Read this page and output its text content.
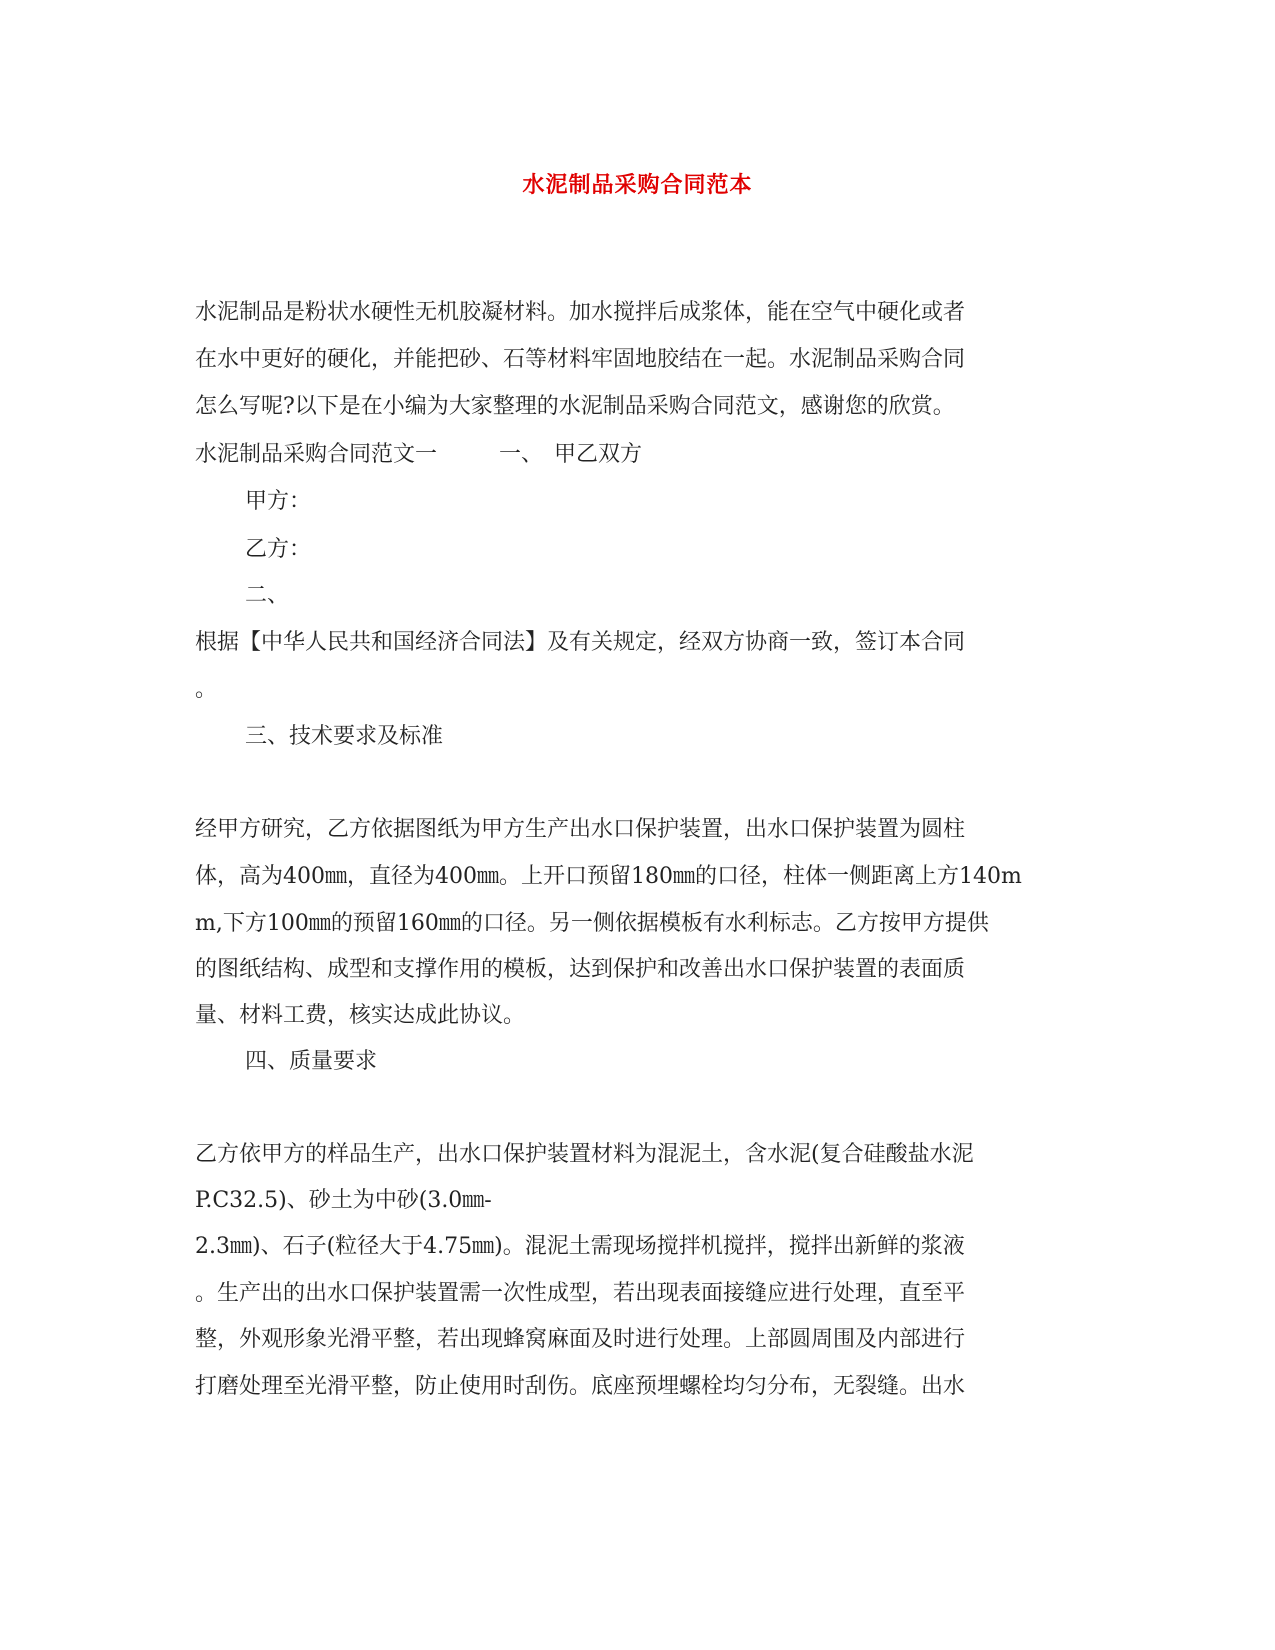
水泥制品采购合同范本
水泥制品是粉状水硬性无机胶凝材料。加水搅拌后成浆体，能在空气中硬化或者
在水中更好的硬化，并能把砂、石等材料牢固地胶结在一起。水泥制品采购合同
怎么写呢?以下是在小编为大家整理的水泥制品采购合同范文，感谢您的欣赏。
水泥制品采购合同范文一	一、　甲乙双方
甲方：
乙方：
二、
根据【中华人民共和国经济合同法】及有关规定，经双方协商一致，签订本合同
。
三、技术要求及标准
经甲方研究，乙方依据图纸为甲方生产出水口保护装置，出水口保护装置为圆柱
体，高为400㎜，直径为400㎜。上开口预留180㎜的口径，柱体一侧距离上方140m
m,下方100㎜的预留160㎜的口径。另一侧依据模板有水利标志。乙方按甲方提供
的图纸结构、成型和支撑作用的模板，达到保护和改善出水口保护装置的表面质
量、材料工费，核实达成此协议。
四、质量要求
乙方依甲方的样品生产，出水口保护装置材料为混泥土，含水泥(复合硅酸盐水泥
P.C32.5)、砂土为中砂(3.0㎜-
2.3㎜)、石子(粒径大于4.75㎜)。混泥土需现场搅拌机搅拌，搅拌出新鲜的浆液
。生产出的出水口保护装置需一次性成型，若出现表面接缝应进行处理，直至平
整，外观形象光滑平整，若出现蜂窝麻面及时进行处理。上部圆周围及内部进行
打磨处理至光滑平整，防止使用时刮伤。底座预埋螺栓均匀分布，无裂缝。出水
